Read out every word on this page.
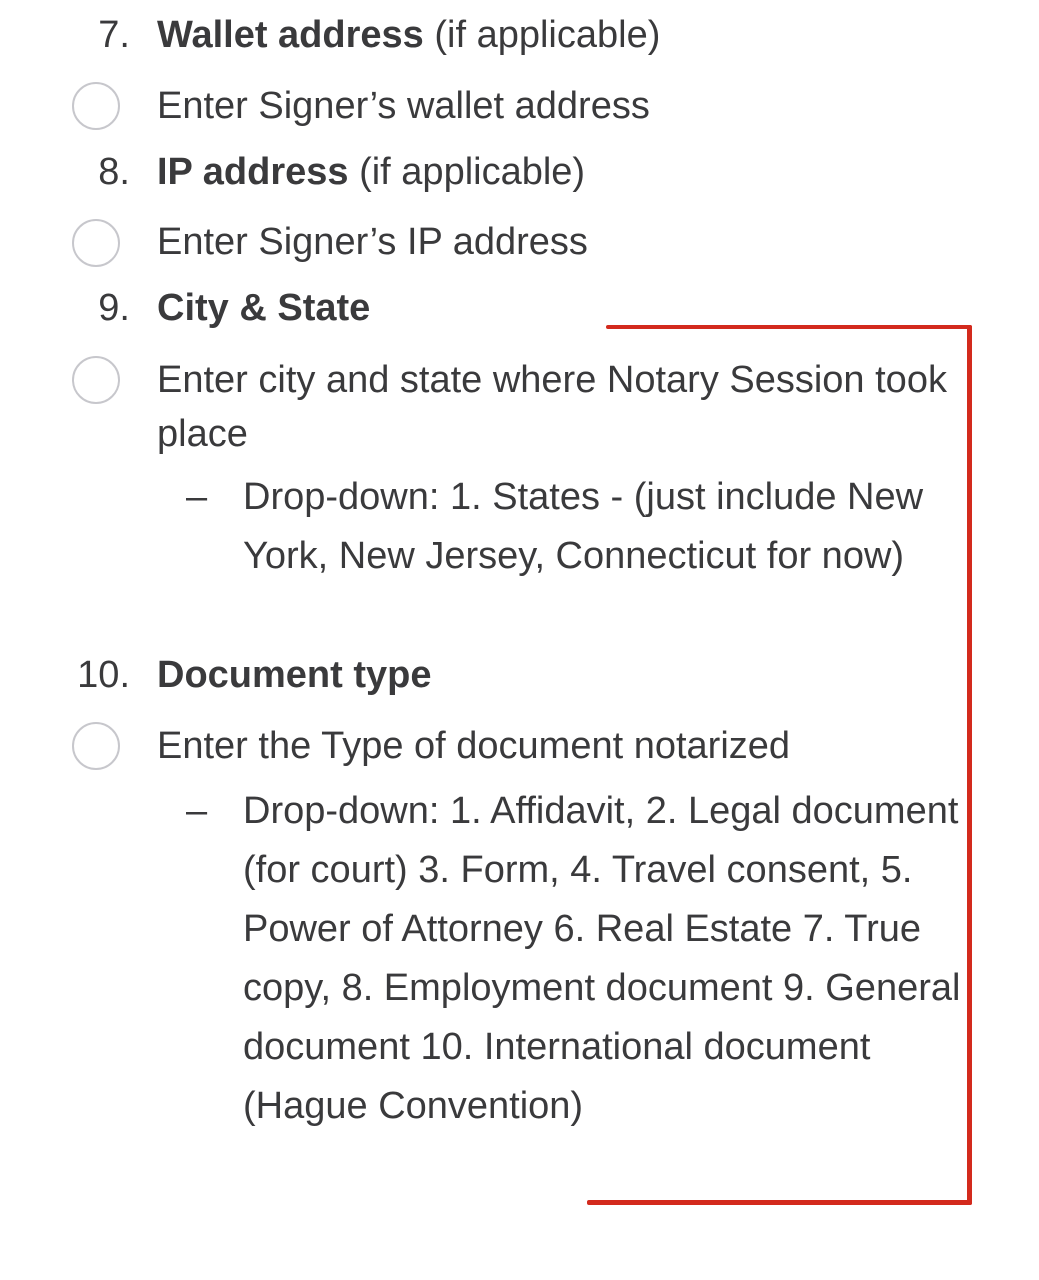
7. Wallet address (if applicable)
Enter Signer’s wallet address
8. IP address (if applicable)
Enter Signer’s IP address
9. City & State
Enter city and state where Notary Session took place
– Drop-down: 1. States - (just include New York, New Jersey, Connecticut for now)
10. Document type
Enter the Type of document notarized
– Drop-down: 1. Affidavit, 2. Legal document (for court) 3. Form, 4. Travel consent, 5. Power of Attorney 6. Real Estate 7. True copy, 8. Employment document 9. General document 10. International document (Hague Convention)
